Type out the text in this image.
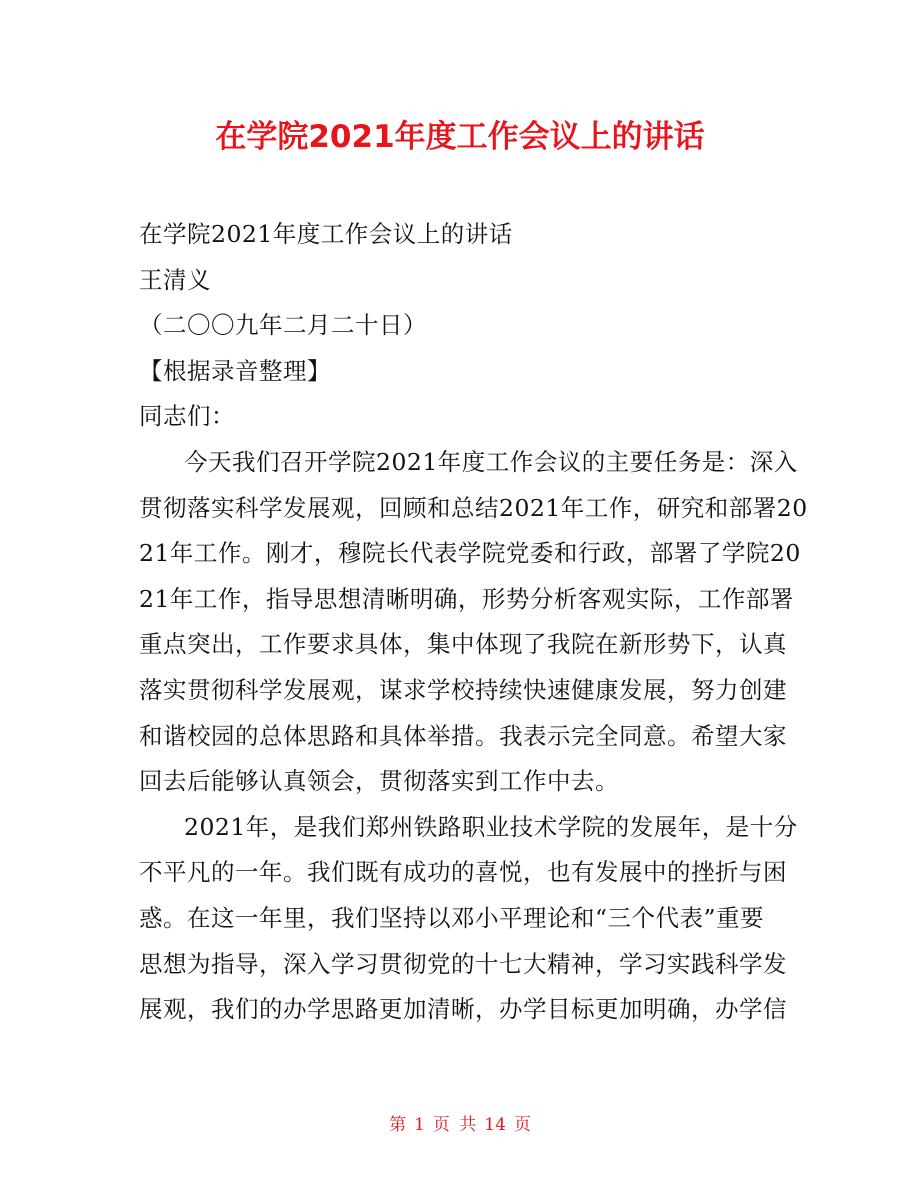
在学院2021年度工作会议上的讲话
在学院2021年度工作会议上的讲话
王清义
（二〇〇九年二月二十日）
【根据录音整理】
同志们：
今天我们召开学院2021年度工作会议的主要任务是：深入
贯彻落实科学发展观，回顾和总结2021年工作，研究和部署20
21年工作。刚才，穆院长代表学院党委和行政，部署了学院20
21年工作，指导思想清晰明确，形势分析客观实际，工作部署
重点突出，工作要求具体，集中体现了我院在新形势下，认真
落实贯彻科学发展观，谋求学校持续快速健康发展，努力创建
和谐校园的总体思路和具体举措。我表示完全同意。希望大家
回去后能够认真领会，贯彻落实到工作中去。
2021年，是我们郑州铁路职业技术学院的发展年，是十分
不平凡的一年。我们既有成功的喜悦，也有发展中的挫折与困
惑。在这一年里，我们坚持以邓小平理论和“三个代表”重要
思想为指导，深入学习贯彻党的十七大精神，学习实践科学发
展观，我们的办学思路更加清晰，办学目标更加明确，办学信
第 1 页 共 14 页
